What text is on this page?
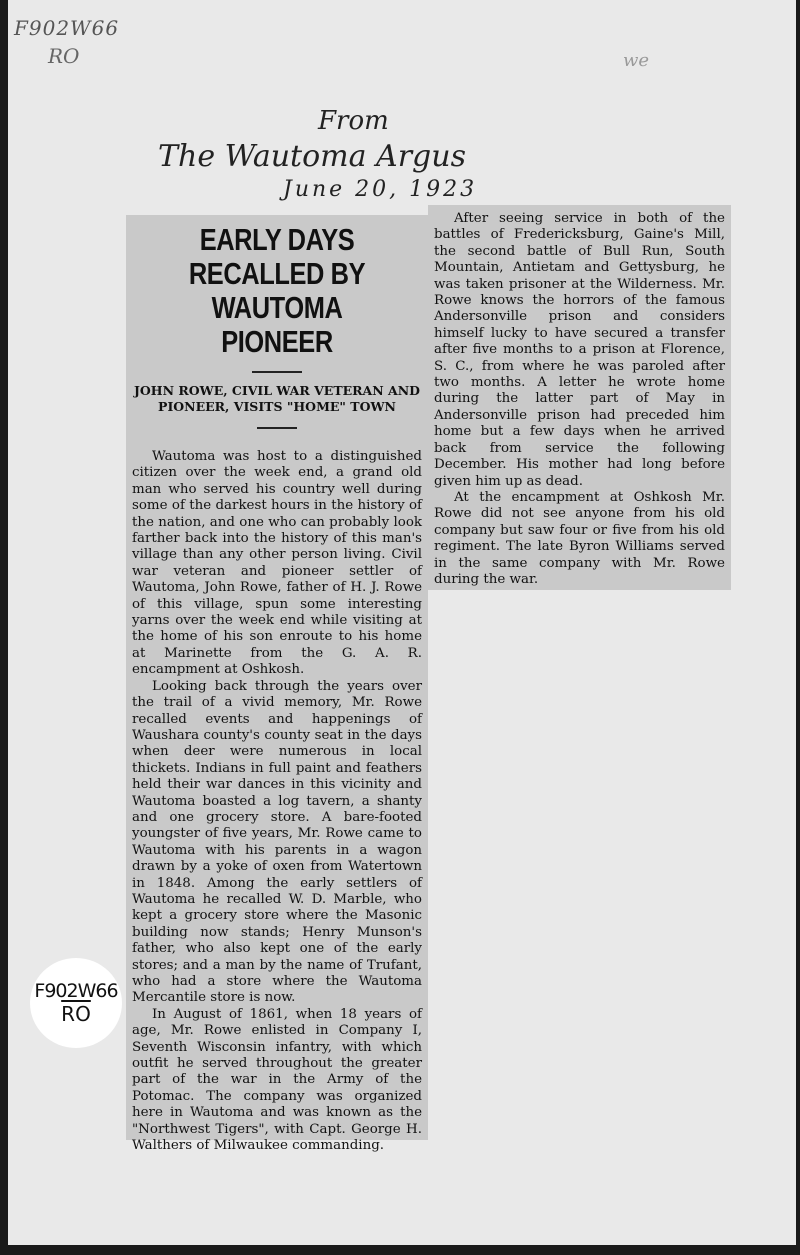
F902W66
RO	we
From
The Wautoma Argus
June 20, 1923
EARLY DAYS RECALLED BY WAUTOMA PIONEER
JOHN ROWE, CIVIL WAR VETERAN AND PIONEER, VISITS "HOME" TOWN

Wautoma was host to a distinguished citizen over the week end, a grand old man who served his country well during some of the darkest hours in the history of the nation, and one who can probably look farther back into the history of this man's village than any other person living. Civil war veteran and pioneer settler of Wautoma, John Rowe, father of H. J. Rowe of this village, spun some interesting yarns over the week end while visiting at the home of his son enroute to his home at Marinette from the G. A. R. encampment at Oshkosh.

Looking back through the years over the trail of a vivid memory, Mr. Rowe recalled events and happenings of Waushara county's county seat in the days when deer were numerous in local thickets. Indians in full paint and feathers held their war dances in this vicinity and Wautoma boasted a log tavern, a shanty and one grocery store. A bare-footed youngster of five years, Mr. Rowe came to Wautoma with his parents in a wagon drawn by a yoke of oxen from Watertown in 1848. Among the early settlers of Wautoma he recalled W. D. Marble, who kept a grocery store where the Masonic building now stands; Henry Munson's father, who also kept one of the early stores; and a man by the name of Trufant, who had a store where the Wautoma Mercantile store is now.

In August of 1861, when 18 years of age, Mr. Rowe enlisted in Company I, Seventh Wisconsin infantry, with which outfit he served throughout the greater part of the war in the Army of the Potomac. The company was organized here in Wautoma and was known as the "Northwest Tigers", with Capt. George H. Walthers of Milwaukee commanding.

After seeing service in both of the battles of Fredericksburg, Gaine's Mill, the second battle of Bull Run, South Mountain, Antietam and Gettysburg, he was taken prisoner at the Wilderness. Mr. Rowe knows the horrors of the famous Andersonville prison and considers himself lucky to have secured a transfer after five months to a prison at Florence, S. C., from where he was paroled after two months. A letter he wrote home during the latter part of May in Andersonville prison had preceded him home but a few days when he arrived back from service the following December. His mother had long before given him up as dead.

At the encampment at Oshkosh Mr. Rowe did not see anyone from his old company but saw four or five from his old regiment. The late Byron Williams served in the same company with Mr. Rowe during the war.

F902W66
$\overline{RO}$
